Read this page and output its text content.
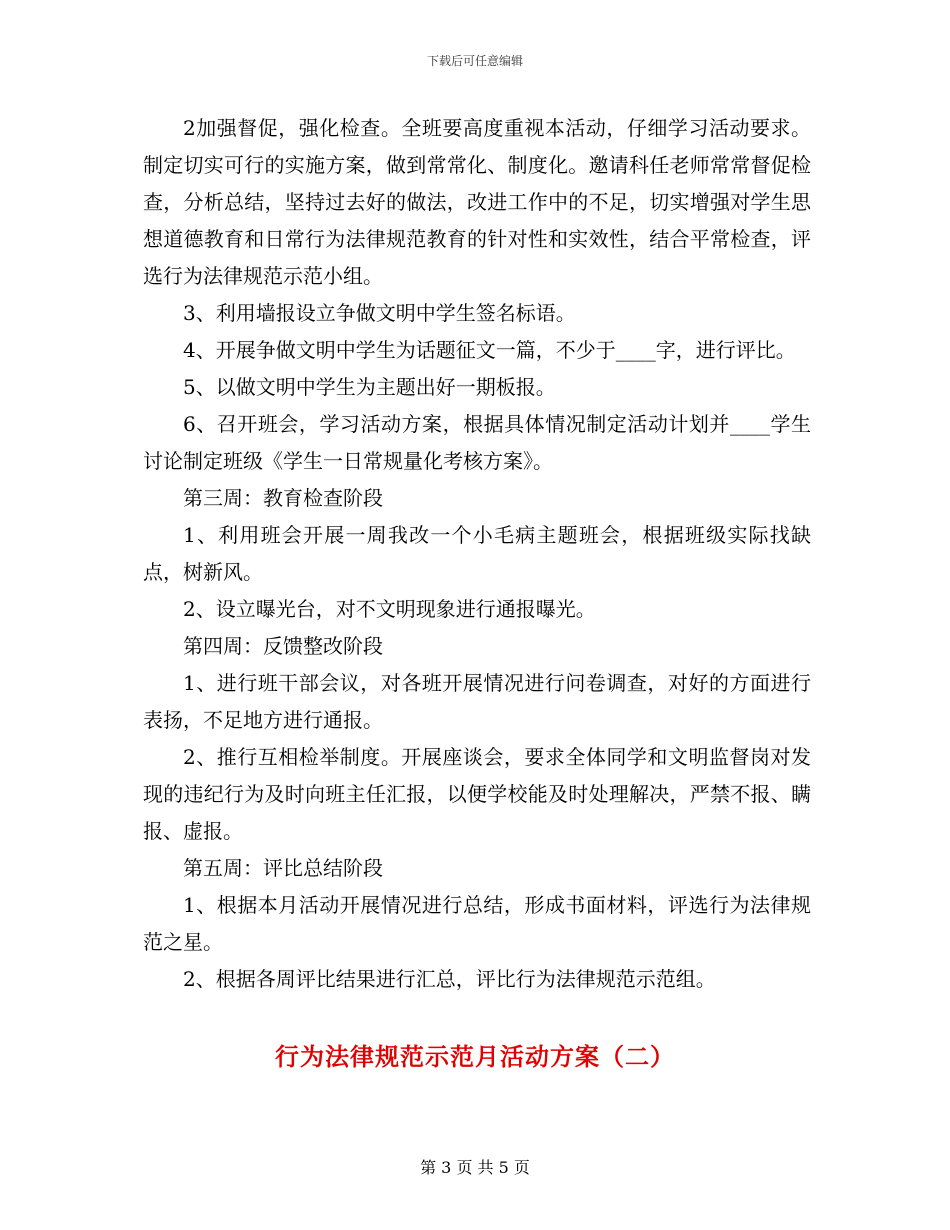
下载后可任意编辑

2加强督促，强化检查。全班要高度重视本活动，仔细学习活动要求。制定切实可行的实施方案，做到常常化、制度化。邀请科任老师常常督促检查，分析总结，坚持过去好的做法，改进工作中的不足，切实增强对学生思想道德教育和日常行为法律规范教育的针对性和实效性，结合平常检查，评选行为法律规范示范小组。

3、利用墙报设立争做文明中学生签名标语。

4、开展争做文明中学生为话题征文一篇，不少于____字，进行评比。

5、以做文明中学生为主题出好一期板报。

6、召开班会，学习活动方案，根据具体情况制定活动计划并____学生讨论制定班级《学生一日常规量化考核方案》。

第三周：教育检查阶段

1、利用班会开展一周我改一个小毛病主题班会，根据班级实际找缺点，树新风。

2、设立曝光台，对不文明现象进行通报曝光。

第四周：反馈整改阶段

1、进行班干部会议，对各班开展情况进行问卷调查，对好的方面进行表扬，不足地方进行通报。

2、推行互相检举制度。开展座谈会，要求全体同学和文明监督岗对发现的违纪行为及时向班主任汇报，以便学校能及时处理解决，严禁不报、瞒报、虚报。

第五周：评比总结阶段

1、根据本月活动开展情况进行总结，形成书面材料，评选行为法律规范之星。

2、根据各周评比结果进行汇总，评比行为法律规范示范组。

行为法律规范示范月活动方案（二）
第 3 页 共 5 页
